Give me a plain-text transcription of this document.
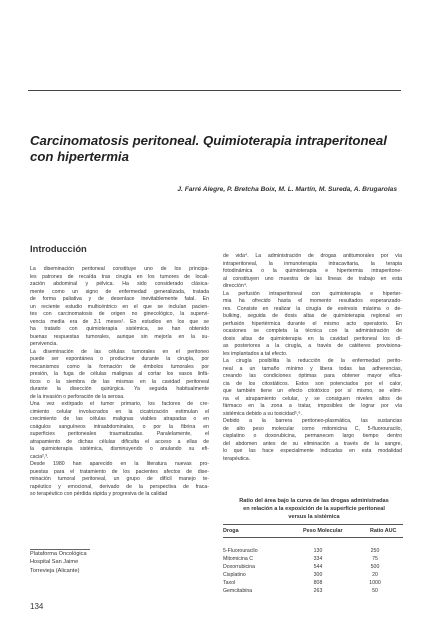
Carcinomatosis peritoneal. Quimioterapia intraperitoneal
con hipertermia
J. Farré Alegre, P. Bretcha Boix, M. L. Martín, M. Sureda, A. Brugarolas
Introducción
La diseminación peritoneal constituye uno de los principa-
les patrones de recaída tras cirugía en los tumores de locali-
zación abdominal y pélvica. Ha sido considerado clásica-
mente como un signo de enfermedad generalizada, tratada
de forma paliativa y de desenlace inevitablemente fatal. En
un reciente estudio multicéntrico en el que se incluían pacien-
tes con carcinomatosis de origen no ginecológico, la supervi-
vencia media era de 3.1 meses¹. En estudios en los que se
ha tratado con quimioterapia sistémica, se han obtenido
buenas respuestas tumorales, aunque sin mejoría en la su-
pervivencia.
La diseminación de las células tumorales en el peritoneo
puede ser espontánea o producirse durante la cirugía, por
mecanismos como la formación de émbolos tumorales por
presión, la fuga de células malignas al cortar los vasos linfá-
ticos o la siembra de las mismas en la cavidad peritoneal
durante la disección quirúrgica. Ya seguida habitualmente
de la invasión o perforación de la serosa.
Una vez extirpado el tumor primario, los factores de cre-
cimiento celular involucrados en la cicatrización estimulan el
crecimiento de las células malignas viables atrapadas o en
coágulos sanguíneos intraabdominales, o por la fibrina en
superficies peritoneales traumatizadas. Paralelamente, el
atrapamiento de dichas células dificulta el acceso a ellas de
la quimioterapia sistémica, disminuyendo o anulando su efi-
cacia²,³.
Desde 1980 han aparecido en la literatura nuevas pro-
puestas para el tratamiento de los pacientes afectos de dise-
minación tumoral peritoneal, un grupo de difícil manejo te-
rapéutico y emocional, derivado de la perspectiva de fraca-
so terapéutico con pérdida rápida y progresiva de la calidad
de vida⁴. La administración de drogas antitumorales por vía
intraperitoneal, la inmunoterapia intracavitaria, la terapia
fotodinámica o la quimioterapia e hipertermia intraperitone-
al constituyen uno muestra de las líneas de trabajo en esta
dirección⁴.
La perfusión intraperitoneal con quimioterapia e hiperter-
mia ha ofrecido hasta el momento resultados esperanzado-
res. Consiste en realizar la cirugía de exéresis máxima o de-
bulking, seguida de dosis altas de quimioterapia regional en
perfusión hipertérmica durante el mismo acto operatorio. En
ocasiones se completa la técnica con la administración de
dosis altas de quimioterapia en la cavidad peritoneal los dí-
as posteriores a la cirugía, a través de catéteres provisiona-
les implantados a tal efecto.
La cirugía posibilita la reducción de la enfermedad perito-
neal a un tamaño mínimo y libera todas las adherencias,
creando las condiciones óptimas para obtener mayor efica-
cia de los citostáticos. Estos son potenciados por el calor,
que también tiene un efecto citotóxico por sí mismo, se elimi-
na el atrapamiento celular, y se consiguen niveles altos de
fármaco en la zona a tratar, imposibles de lograr por vía
sistémica debido a su toxicidad⁵,⁶.
Debido a la barrera peritoneo-plasmática, las sustancias
de alto peso molecular como mitomicina C, 5-fluorouracilo,
cisplatino o doxorubicina, permanecen largo tiempo dentro
del abdomen antes de su eliminación a través de la sangre,
lo que las hace especialmente indicadas en esta modalidad
terapéutica.
Ratio del área bajo la curva de las drogas administradas
en relación a la exposición de la superficie peritoneal
versus la sistémica
Droga	Peso Molecular	Ratio AUC
5-Fluorouracilo	130	250
Mitomicina C	334	75
Doxorrubicina	544	500
Cisplatino	300	20
Taxol	808	1000
Gemcitabina	263	50
Plataforma Oncológica
Hospital San Jaime
Torrevieja (Alicante)
134
